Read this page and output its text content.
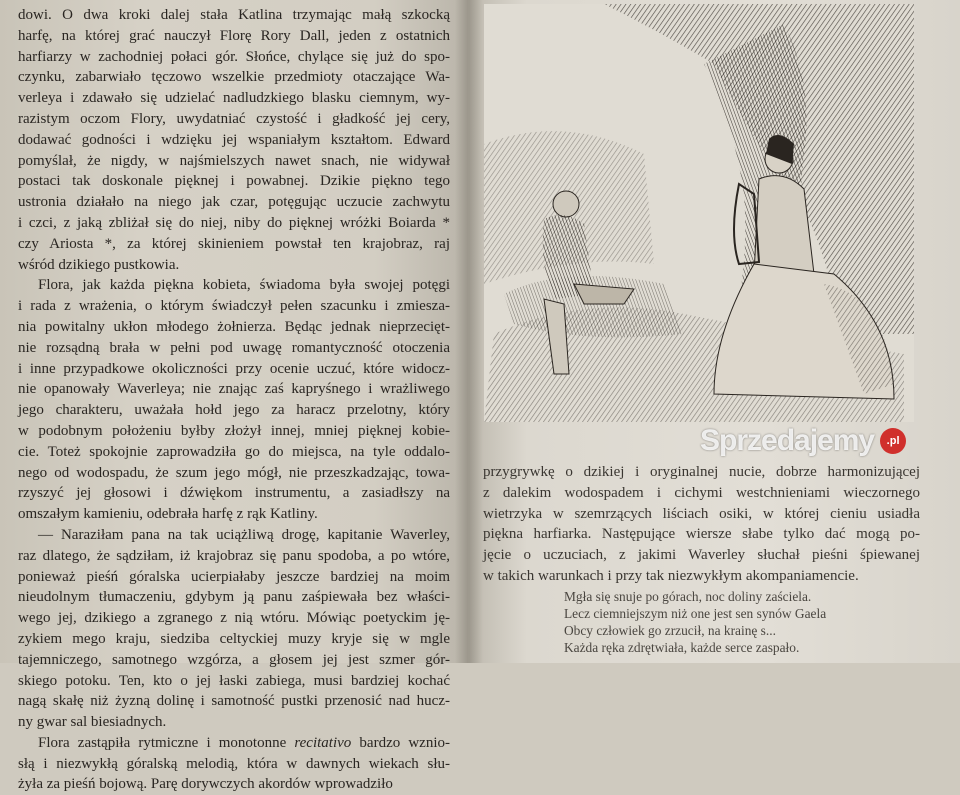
dowi. O dwa kroki dalej stała Katlina trzymając małą szkocką
harfę, na której grać nauczył Florę Rory Dall, jeden z ostatnich
harfiarzy w zachodniej połaci gór. Słońce, chylące się już do spo-
czynku, zabarwiało tęczowo wszelkie przedmioty otaczające Wa-
verleya i zdawało się udzielać nadludzkiego blasku ciemnym, wy-
razistym oczom Flory, uwydatniać czystość i gładkość jej cery,
dodawać godności i wdzięku jej wspaniałym kształtom. Edward
pomyślał, że nigdy, w najśmielszych nawet snach, nie widywał
postaci tak doskonale pięknej i powabnej. Dzikie piękno tego
ustronia działało na niego jak czar, potęgując uczucie zachwytu
i czci, z jaką zbliżał się do niej, niby do pięknej wróżki Boiarda *
czy Ariosta *, za której skinieniem powstał ten krajobraz, raj
wśród dzikiego pustkowia.
Flora, jak każda piękna kobieta, świadoma była swojej potęgi
i rada z wrażenia, o którym świadczył pełen szacunku i zmiesza-
nia powitalny ukłon młodego żołnierza. Będąc jednak nieprzecięt-
nie rozsądną brała w pełni pod uwagę romantyczność otoczenia
i inne przypadkowe okoliczności przy ocenie uczuć, które widocz-
nie opanowały Waverleya; nie znając zaś kapryśnego i wrażliwego
jego charakteru, uważała hołd jego za haracz przelotny, który
w podobnym położeniu byłby złożył innej, mniej pięknej kobie-
cie. Toteż spokojnie zaprowadziła go do miejsca, na tyle oddalo-
nego od wodospadu, że szum jego mógł, nie przeszkadzając, towa-
rzyszyć jej głosowi i dźwiękom instrumentu, a zasiadłszy na
omszałym kamieniu, odebrała harfę z rąk Katliny.
— Naraziłam pana na tak uciążliwą drogę, kapitanie Waverley,
raz dlatego, że sądziłam, iż krajobraz się panu spodoba, a po wtóre,
ponieważ pieśń góralska ucierpiałaby jeszcze bardziej na moim
nieudolnym tłumaczeniu, gdybym ją panu zaśpiewała bez właści-
wego jej, dzikiego a zgranego z nią wtóru. Mówiąc poetyckim ję-
zykiem mego kraju, siedziba celtyckiej muzy kryje się w mgle
tajemniczego, samotnego wzgórza, a głosem jej jest szmer gór-
skiego potoku. Ten, kto o jej łaski zabiega, musi bardziej kochać
nagą skałę niż żyzną dolinę i samotność pustki przenosić nad hucz-
ny gwar sal biesiadnych.
Flora zastąpiła rytmiczne i monotonne recitativo bardzo wznio-
słą i niezwykłą góralską melodią, która w dawnych wiekach słu-
żyła za pieśń bojową. Parę dorywczych akordów wprowadziło
przygrywkę o dzikiej i oryginalnej nucie, dobrze harmonizującej
z dalekim wodospadem i cichymi westchnieniami wieczornego
wietrzyka w szemrzących liściach osiki, w której cieniu usiadła
piękna harfiarka. Następujące wiersze słabe tylko dać mogą po-
jęcie o uczuciach, z jakimi Waverley słuchał pieśni śpiewanej
w takich warunkach i przy tak niezwykłym akompaniamencie.
Mgła się snuje po górach, noc doliny zaściela.
Lecz ciemniejszym niż one jest sen synów Gaela
Obcy człowiek go zrzucił, na krainę s...
Każda ręka zdrętwiała, każde serce zaspało.
Sprzedajemy	.pl
